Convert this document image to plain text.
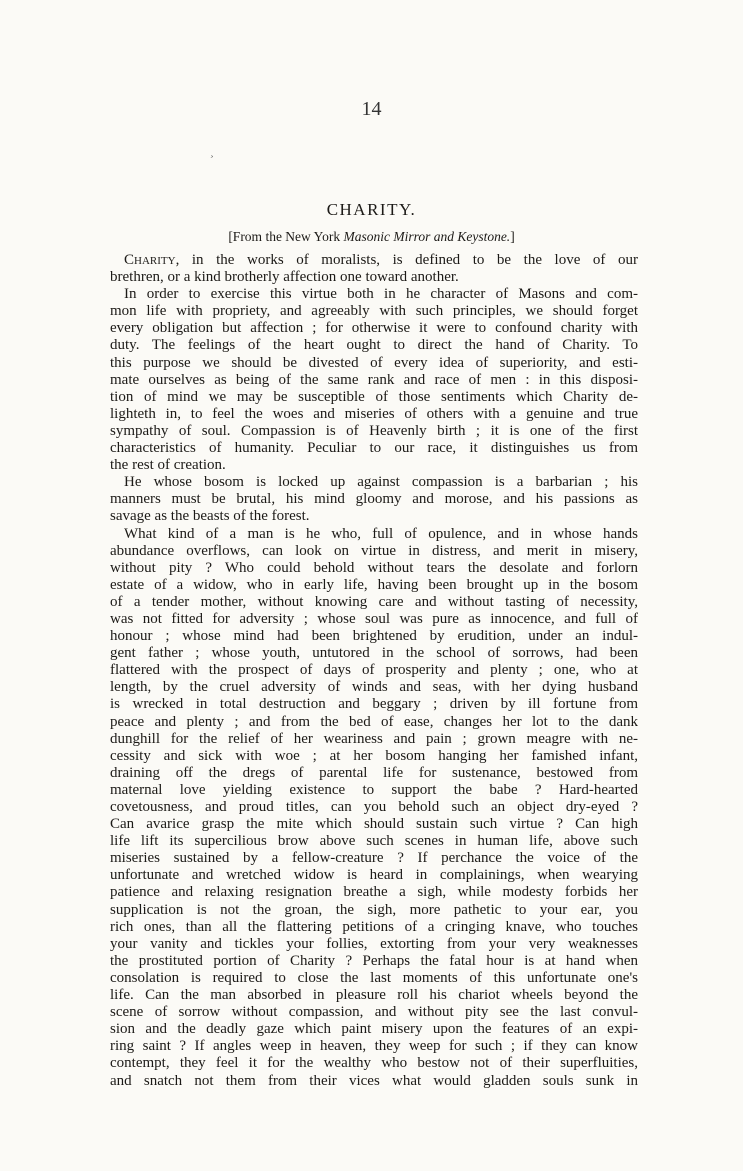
14
¸
CHARITY.
[From the New York Masonic Mirror and Keystone.]
Charity, in the works of moralists, is defined to be the love of our
brethren, or a kind brotherly affection one toward another.
In order to exercise this virtue both in he character of Masons and com-
mon life with propriety, and agreeably with such principles, we should forget
every obligation but affection ; for otherwise it were to confound charity with
duty. The feelings of the heart ought to direct the hand of Charity. To
this purpose we should be divested of every idea of superiority, and esti-
mate ourselves as being of the same rank and race of men : in this disposi-
tion of mind we may be susceptible of those sentiments which Charity de-
lighteth in, to feel the woes and miseries of others with a genuine and true
sympathy of soul. Compassion is of Heavenly birth ; it is one of the first
characteristics of humanity. Peculiar to our race, it distinguishes us from
the rest of creation.
He whose bosom is locked up against compassion is a barbarian ; his
manners must be brutal, his mind gloomy and morose, and his passions as
savage as the beasts of the forest.
What kind of a man is he who, full of opulence, and in whose hands
abundance overflows, can look on virtue in distress, and merit in misery,
without pity ? Who could behold without tears the desolate and forlorn
estate of a widow, who in early life, having been brought up in the bosom
of a tender mother, without knowing care and without tasting of necessity,
was not fitted for adversity ; whose soul was pure as innocence, and full of
honour ; whose mind had been brightened by erudition, under an indul-
gent father ; whose youth, untutored in the school of sorrows, had been
flattered with the prospect of days of prosperity and plenty ; one, who at
length, by the cruel adversity of winds and seas, with her dying husband
is wrecked in total destruction and beggary ; driven by ill fortune from
peace and plenty ; and from the bed of ease, changes her lot to the dank
dunghill for the relief of her weariness and pain ; grown meagre with ne-
cessity and sick with woe ; at her bosom hanging her famished infant,
draining off the dregs of parental life for sustenance, bestowed from
maternal love yielding existence to support the babe ? Hard-hearted
covetousness, and proud titles, can you behold such an object dry-eyed ?
Can avarice grasp the mite which should sustain such virtue ? Can high
life lift its supercilious brow above such scenes in human life, above such
miseries sustained by a fellow-creature ? If perchance the voice of the
unfortunate and wretched widow is heard in complainings, when wearying
patience and relaxing resignation breathe a sigh, while modesty forbids her
supplication is not the groan, the sigh, more pathetic to your ear, you
rich ones, than all the flattering petitions of a cringing knave, who touches
your vanity and tickles your follies, extorting from your very weaknesses
the prostituted portion of Charity ? Perhaps the fatal hour is at hand when
consolation is required to close the last moments of this unfortunate one's
life. Can the man absorbed in pleasure roll his chariot wheels beyond the
scene of sorrow without compassion, and without pity see the last convul-
sion and the deadly gaze which paint misery upon the features of an expi-
ring saint ? If angles weep in heaven, they weep for such ; if they can know
contempt, they feel it for the wealthy who bestow not of their superfluities,
and snatch not them from their vices what would gladden souls sunk in
